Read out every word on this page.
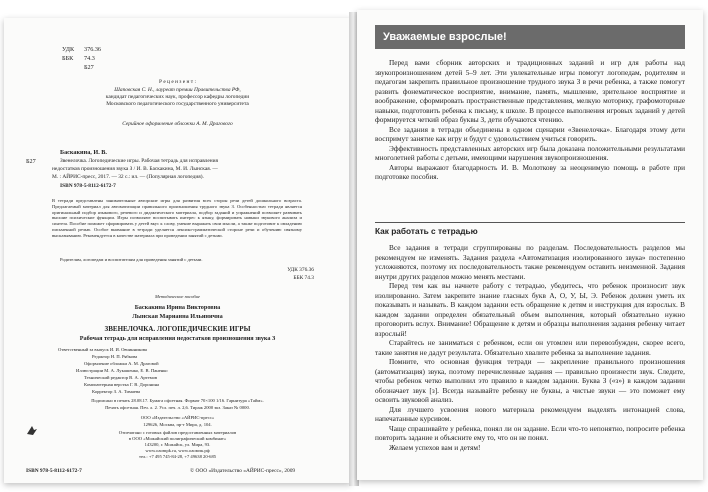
УДК 376.36
ББК 74.3
Б27
Р е ц е н з е н т :
Шаповская С. Н., лауреат премии Правительства РФ,
кандидат педагогических наук, профессор кафедры логопедии
Московского педагогического государственного университета
Серийное оформление обложки А. М. Драгового
Баскакина, И. В.
Б27	Звенелочка. Логопедические игры. Рабочая тетрадь для исправления
недостатков произношения звука З / И. В. Баскакина, М. И. Лынская. —
М. : АЙРИС-пресс, 2017. — 32 с.: ил. — (Популярная логопедия).
ISBN 978-5-8112-6172-7
В тетради представлены занимательные авторские игры для развития всех сторон речи детей дошкольного возраста. Предлагаемый материал для автоматизации правильного произношения трудного звука З. Особенностью тетради является оригинальный подбор языкового, речевого и дидактического материала, подбор заданий и упражнений позволяет развивать высшие психические функции. Игры позволяют воспитывать интерес к языку, формировать навыки звукового анализа и синтеза. Пособие поможет сформировать у детей вкус к слову, умение выражать свои мысли, а также подготовит к овладению письменной речью. Особое внимание в тетради уделяется лексико-грамматической стороне речи и обучению связному высказыванию. Рекомендуется в качестве материала при проведении занятий с детьми.
Родителям, логопедам и воспитателям для проведения занятий с детьми.
УДК 376.36
ББК 74.3
Методическое пособие
Баскакина Ирина Викторовна
Лынская Марианна Ильинична
ЗВЕНЕЛОЧКА. ЛОГОПЕДИЧЕСКИЕ ИГРЫ
Рабочая тетрадь для исправления недостатков произношения звука З
Ответственный за выпуск И. И. Овчинникова
Редактор Н. П. Рябкова
Оформление обложки А. М. Драговой
Иллюстрации М. А. Лукашенко, Е. В. Паненко
Технический редактор В. А. Артемов
Компьютерная верстка Г. В. Доронина
Корректор З. А. Тимаева
Подписано в печать 28.08.17. Бумага офсетная. Формат 70×100 1/16. Гарнитура «Тайм».
Печать офсетная. Печ. л. 2. Усл. печ. л. 2,6. Тираж 2000 экз. Заказ № 0000.
ООО «Издательство «АЙРИС-пресс»
129626, Москва, пр-т Мира, д. 104.
Отпечатано с готовых файлов предоставленных материалов
в ООО «Можайский полиграфический комбинат»
143200, г. Можайск, ул. Мира, 93.
www.oaompk.ru, www.оаомпк.рф
тел.: +7 495 745-84-28, +7 49638 20-685
ISBN 978-5-8112-6172-7	© ООО «Издательство «АЙРИС-пресс», 2009
Уважаемые взрослые!

Перед вами сборник авторских и традиционных заданий и игр для работы над звукопроизношением детей 5–9 лет. Эти увлекательные игры помогут логопедам, родителям и педагогам закрепить правильное произношение трудного звука З в речи ребенка, а также помогут развить фонематическое восприятие, внимание, память, мышление, зрительное восприятие и воображение, сформировать пространственные представления, мелкую моторику, графомоторные навыки, подготовить ребенка к письму, к школе. В процессе выполнения игровых заданий у детей формируется четкий образ буквы З, дети обучаются чтению.

Все задания в тетради объединены в одном сценарии «Звенелочка». Благодаря этому дети воспримут занятие как игру и будут с удовольствием учиться говорить.

Эффективность представленных авторских игр была доказана положительными результатами многолетней работы с детьми, имеющими нарушения звукопроизношения.

Авторы выражают благодарность И. В. Молоткову за неоценимую помощь в работе при подготовке пособия.

Как работать с тетрадью

Все задания в тетради сгруппированы по разделам. Последовательность разделов мы рекомендуем не изменять. Задания раздела «Автоматизация изолированного звука» постепенно усложняются, поэтому их последовательность также рекомендуем оставить неизменной. Задания внутри других разделов можно менять местами.

Перед тем как вы начнете работу с тетрадью, убедитесь, что ребенок произносит звук изолированно. Затем закрепите знание гласных букв А, О, У, Ы, Э. Ребенок должен уметь их показывать и называть. В каждом задании есть обращение к детям и инструкция для взрослых. В каждом задании определен обязательный объем выполнения, который обязательно нужно проговорить вслух. Внимание! Обращение к детям и образцы выполнения задания ребенку читает взрослый!

Старайтесь не заниматься с ребенком, если он утомлен или перевозбужден, скорее всего, такие занятия не дадут результата. Обязательно хвалите ребенка за выполнение задания.

Помните, что основная функция тетради — закрепление правильного произношения (автоматизация) звука, поэтому перечисленные задания — правильно произнести звук. Следите, чтобы ребенок четко выполнил это правило в каждом задании. Буква З («з») в каждом задании обозначает звук [з]. Всегда называйте ребенку не буквы, а чистые звуки — это поможет ему освоить звуковой анализ.

Для лучшего усвоения нового материала рекомендуем выделять интонацией слова, напечатанные курсивом.

Чаще спрашивайте у ребенка, понял ли он задание. Если что-то непонятно, попросите ребенка повторить задание и объясните ему то, что он не понял.

Желаем успехов вам и детям!
